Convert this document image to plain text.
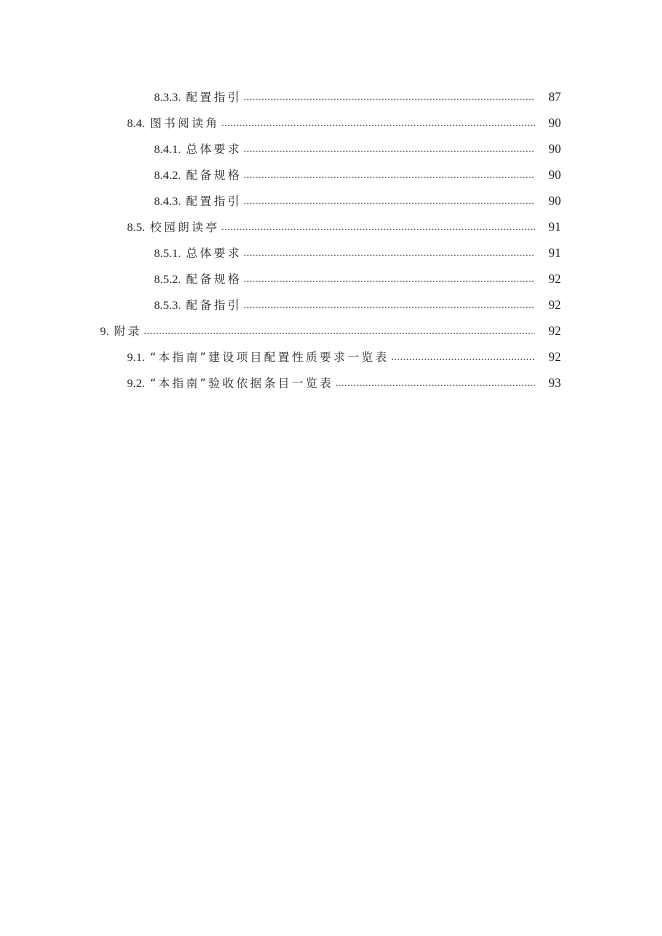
8.3.3. 配置指引 .....	87
8.4. 图书阅读角 .....	90
8.4.1. 总体要求 .....	90
8.4.2. 配备规格 .....	90
8.4.3. 配置指引 .....	90
8.5. 校园朗读亭 .....	91
8.5.1. 总体要求 .....	91
8.5.2. 配备规格 .....	92
8.5.3. 配备指引 .....	92
9. 附录 .....	92
9.1. “本指南”建设项目配置性质要求一览表 .....	92
9.2. “本指南”验收依据条目一览表 .....	93
